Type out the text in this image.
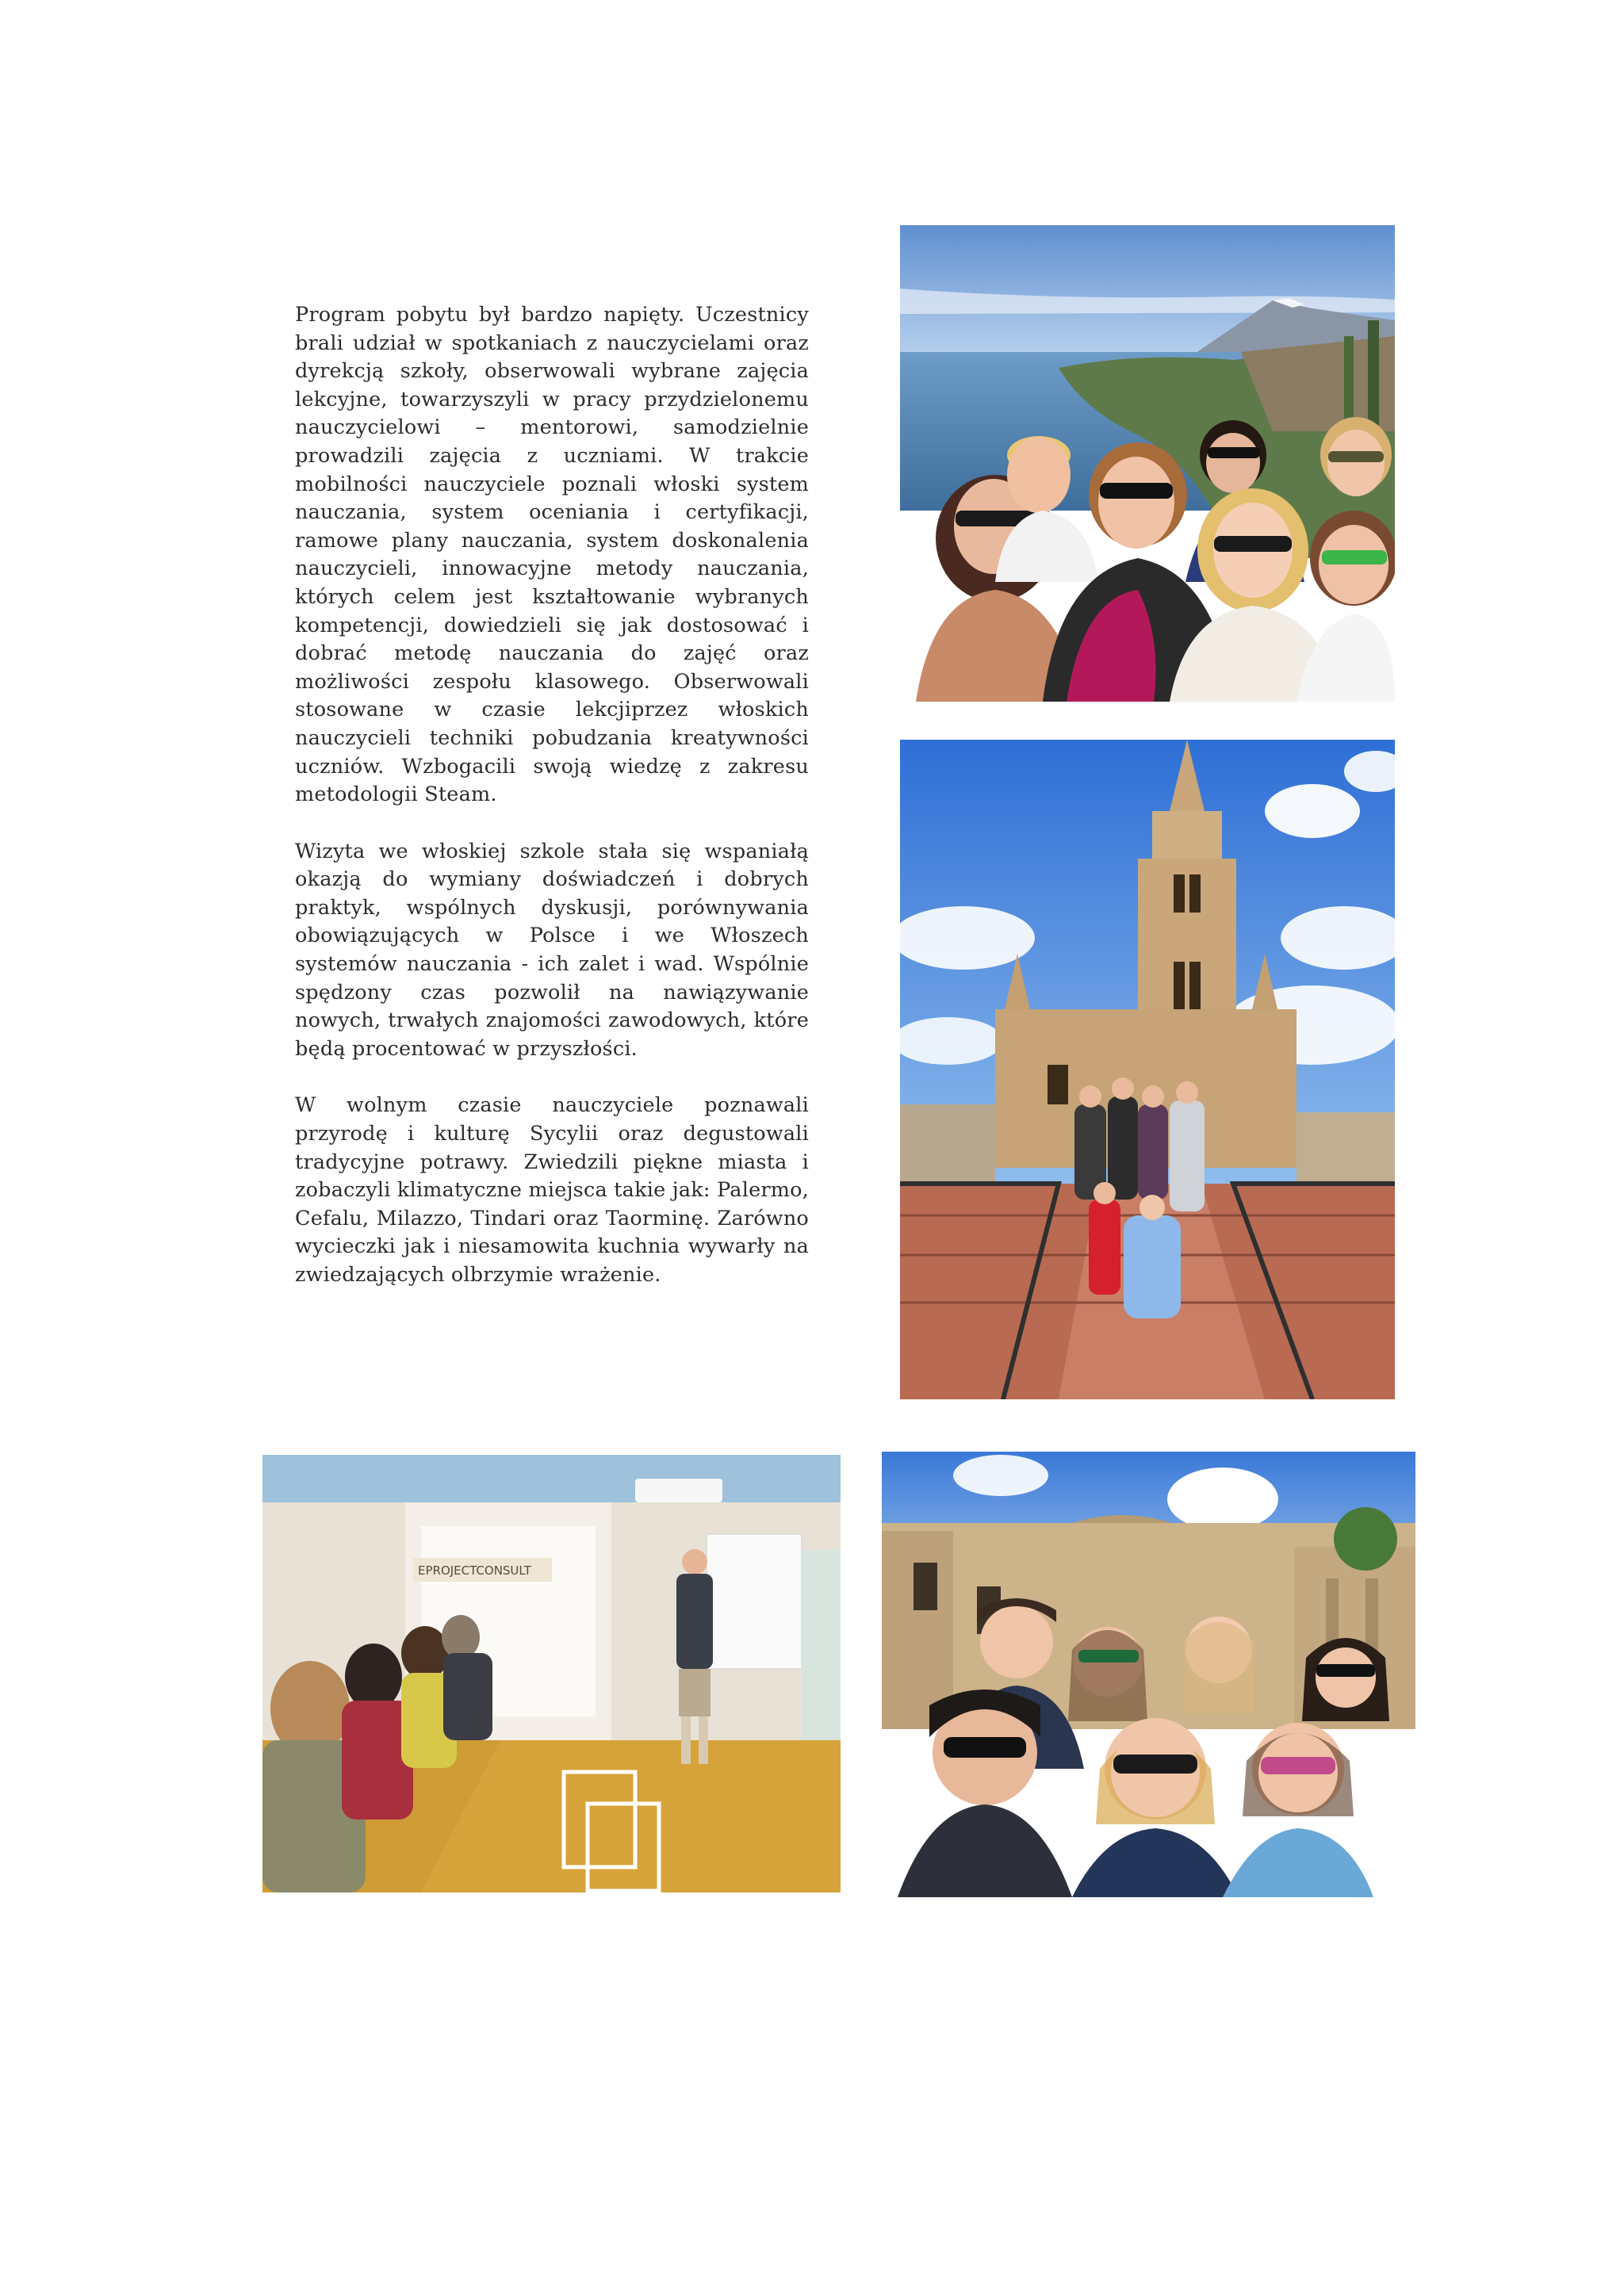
Program pobytu był bardzo napięty. Uczestnicy brali udział w spotkaniach z nauczycielami oraz dyrekcją szkoły, obserwowali wybrane zajęcia lekcyjne, towarzyszyli w pracy przydzielonemu nauczycielowi – mentorowi, samodzielnie prowadzili zajęcia z uczniami. W trakcie mobilności nauczyciele poznali włoski system nauczania, system oceniania i certyfikacji, ramowe plany nauczania, system doskonalenia nauczycieli, innowacyjne metody nauczania, których celem jest kształtowanie wybranych kompetencji, dowiedzieli się jak dostosować i dobrać metodę nauczania do zajęć oraz możliwości zespołu klasowego. Obserwowali stosowane w czasie lekcjiprzez włoskich nauczycieli techniki pobudzania kreatywności uczniów. Wzbogacili swoją wiedzę z zakresu metodologii Steam.

Wizyta we włoskiej szkole stała się wspaniałą okazją do wymiany doświadczeń i dobrych praktyk, wspólnych dyskusji, porównywania obowiązujących w Polsce i we Włoszech systemów nauczania - ich zalet i wad. Wspólnie spędzony czas pozwolił na nawiązywanie nowych, trwałych znajomości zawodowych, które będą procentować w przyszłości.

W wolnym czasie nauczyciele poznawali przyrodę i kulturę Sycylii oraz degustowali tradycyjne potrawy. Zwiedzili piękne miasta i zobaczyli klimatyczne miejsca takie jak: Palermo, Cefalu, Milazzo, Tindari oraz Taorminę. Zarówno wycieczki jak i niesamowita kuchnia wywarły na zwiedzających olbrzymie wrażenie.

EPROJECTCONSULT
